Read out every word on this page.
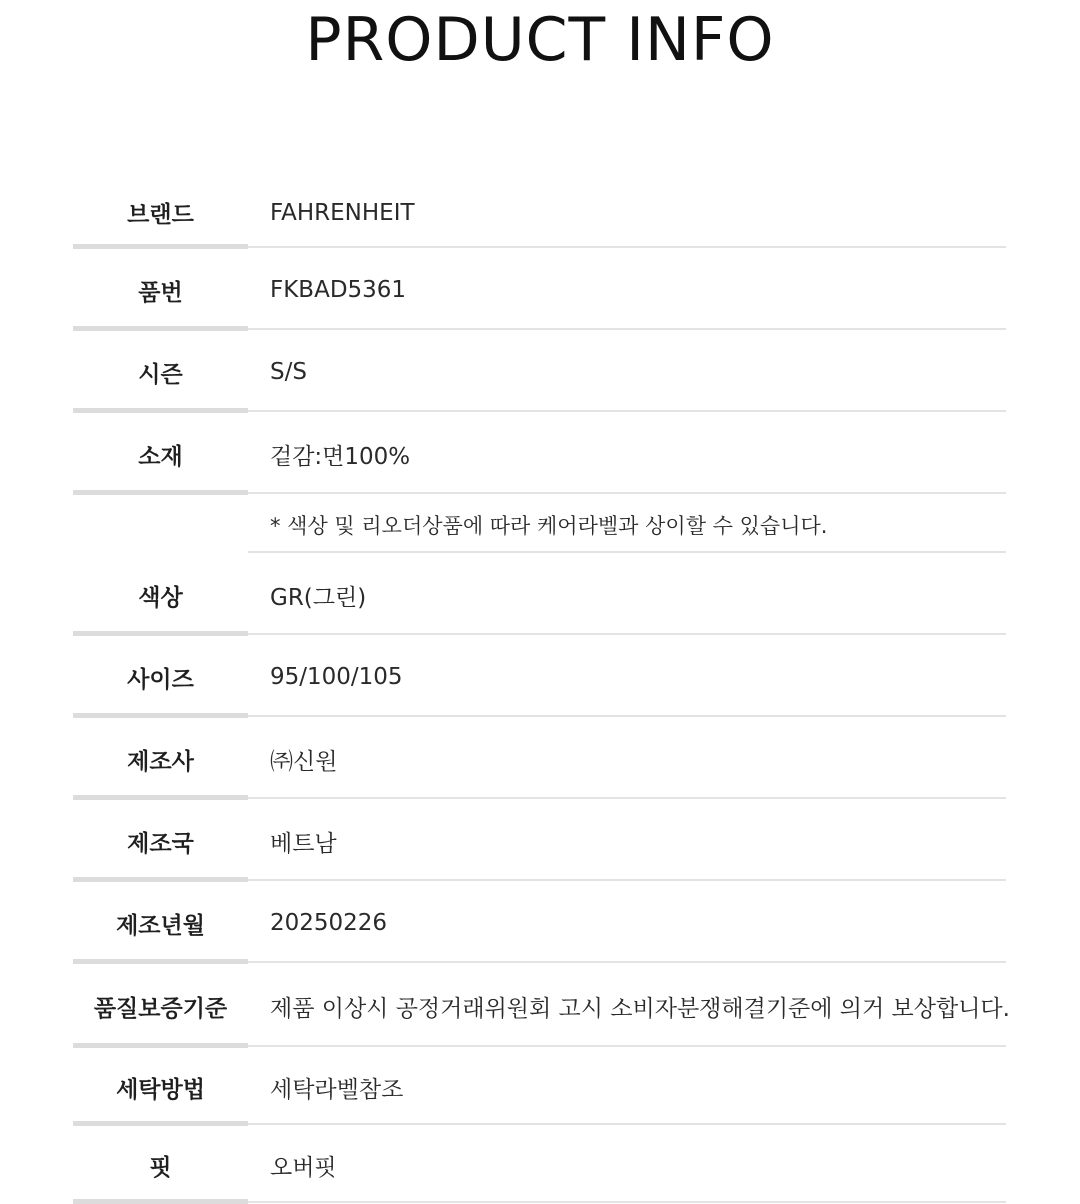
PRODUCT INFO
브랜드	FAHRENHEIT
품번	FKBAD5361
시즌	S/S
소재	겉감:면100%
* 색상 및 리오더상품에 따라 케어라벨과 상이할 수 있습니다.
색상	GR(그린)
사이즈	95/100/105
제조사	㈜신원
제조국	베트남
제조년월	20250226
품질보증기준	제품 이상시 공정거래위원회 고시 소비자분쟁해결기준에 의거 보상합니다.
세탁방법	세탁라벨참조
핏	오버핏
